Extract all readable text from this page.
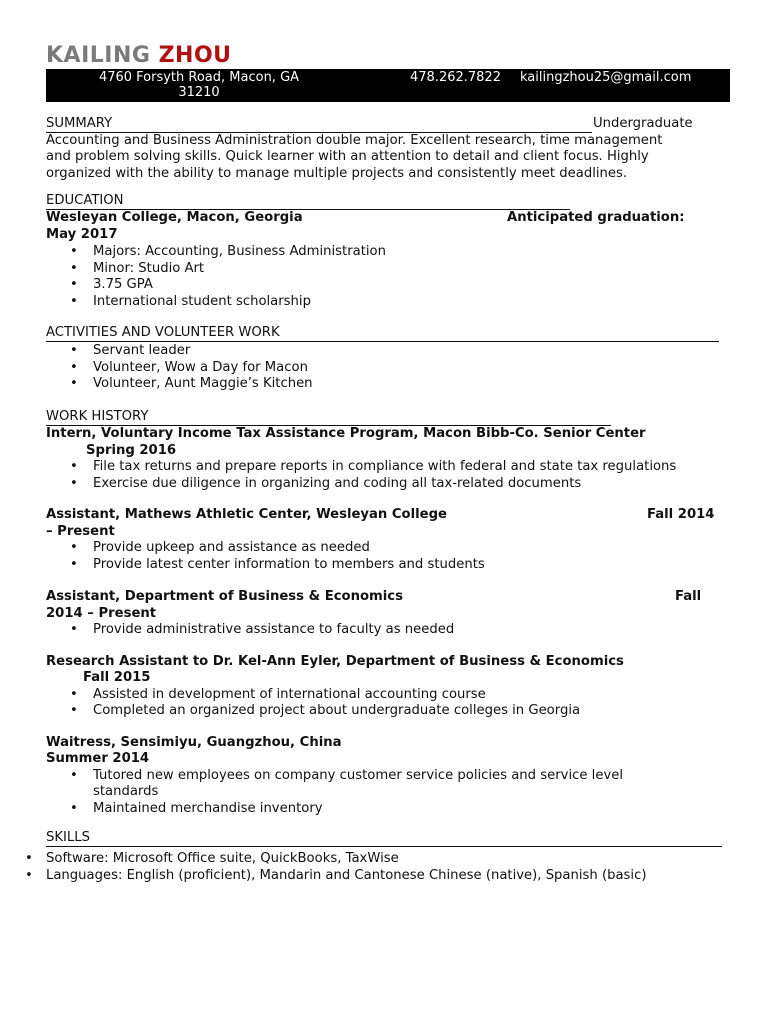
KAILING ZHOU
4760 Forsyth Road, Macon, GA
31210
478.262.7822 kailingzhou25@gmail.com
SUMMARY	Undergraduate
Accounting and Business Administration double major. Excellent research, time management
and problem solving skills. Quick learner with an attention to detail and client focus. Highly
organized with the ability to manage multiple projects and consistently meet deadlines.
EDUCATION
Wesleyan College, Macon, Georgia	Anticipated graduation:
May 2017
• Majors: Accounting, Business Administration
• Minor: Studio Art
• 3.75 GPA
• International student scholarship
ACTIVITIES AND VOLUNTEER WORK
• Servant leader
• Volunteer, Wow a Day for Macon
• Volunteer, Aunt Maggie’s Kitchen
WORK HISTORY
Intern, Voluntary Income Tax Assistance Program, Macon Bibb-Co. Senior Center
Spring 2016
• File tax returns and prepare reports in compliance with federal and state tax regulations
• Exercise due diligence in organizing and coding all tax-related documents
Assistant, Mathews Athletic Center, Wesleyan College	Fall 2014
– Present
• Provide upkeep and assistance as needed
• Provide latest center information to members and students
Assistant, Department of Business & Economics	Fall
2014 – Present
• Provide administrative assistance to faculty as needed
Research Assistant to Dr. Kel-Ann Eyler, Department of Business & Economics
Fall 2015
• Assisted in development of international accounting course
• Completed an organized project about undergraduate colleges in Georgia
Waitress, Sensimiyu, Guangzhou, China
Summer 2014
• Tutored new employees on company customer service policies and service level standards
• Maintained merchandise inventory
SKILLS
• Software: Microsoft Office suite, QuickBooks, TaxWise
• Languages: English (proficient), Mandarin and Cantonese Chinese (native), Spanish (basic)
